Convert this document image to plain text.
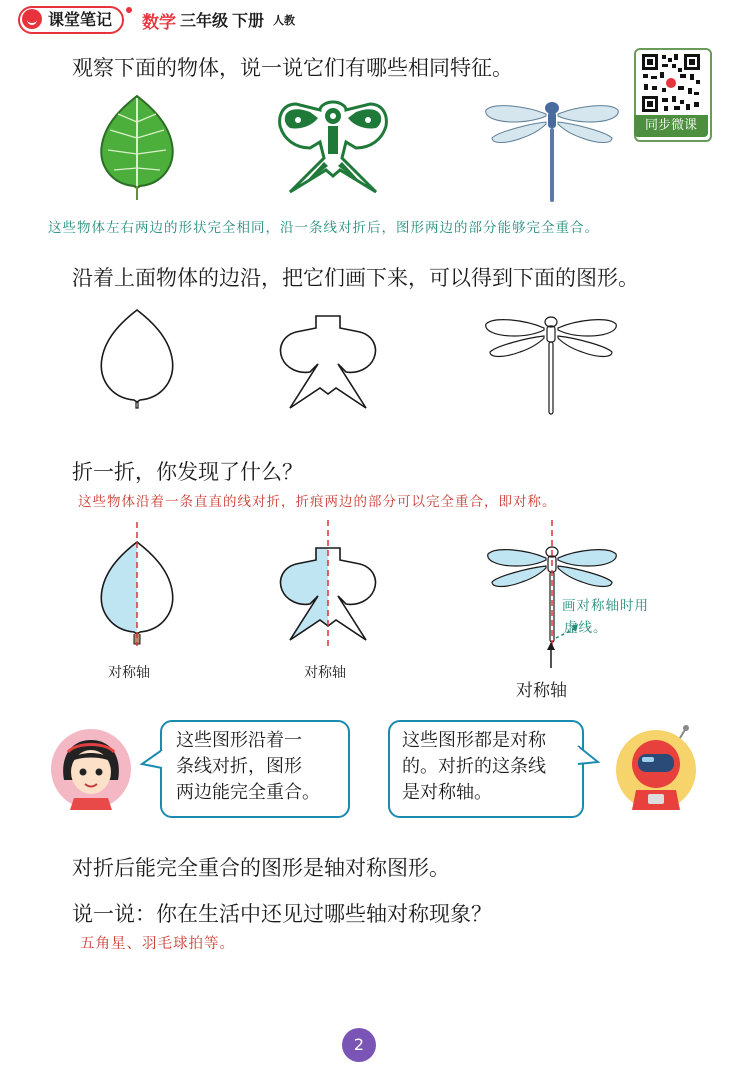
课堂笔记	数学 三年级 下册 人教
同步微课
观察下面的物体，说一说它们有哪些相同特征。
这些物体左右两边的形状完全相同，沿一条线对折后，图形两边的部分能够完全重合。
沿着上面物体的边沿，把它们画下来，可以得到下面的图形。
折一折，你发现了什么？
这些物体沿着一条直直的线对折，折痕两边的部分可以完全重合，即对称。
对称轴	对称轴
对称轴
画对称轴时用
虚线。
这些图形沿着一
条线对折，图形
两边能完全重合。
这些图形都是对称
的。对折的这条线
是对称轴。
对折后能完全重合的图形是轴对称图形。
说一说：你在生活中还见过哪些轴对称现象？
五角星、羽毛球拍等。
2
